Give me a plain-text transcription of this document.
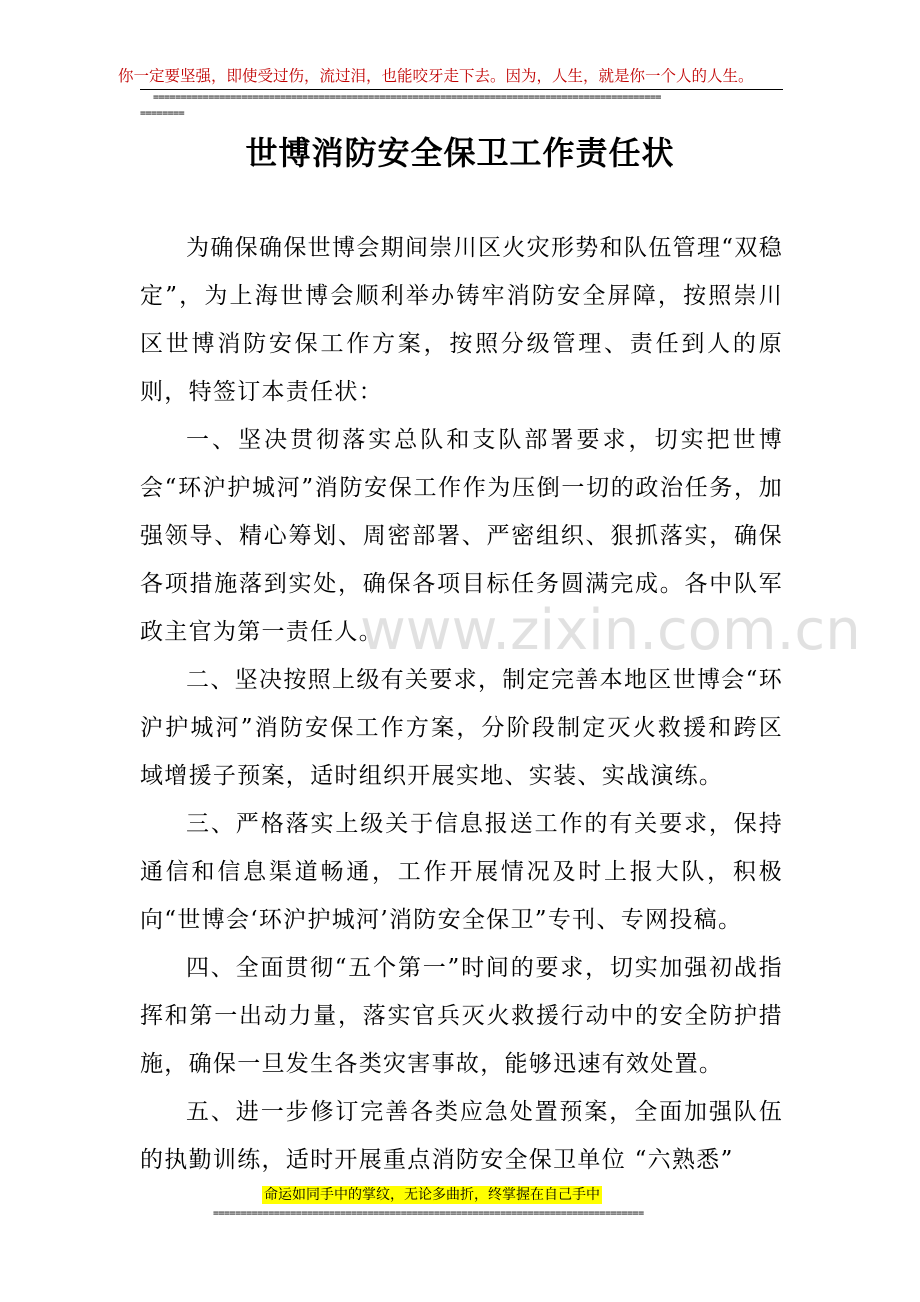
你一定要坚强，即使受过伤，流过泪，也能咬牙走下去。因为，人生，就是你一个人的人生。
============================================================================================
========
世博消防安全保卫工作责任状

为确保确保世博会期间崇川区火灾形势和队伍管理“双稳定”，为上海世博会顺利举办铸牢消防安全屏障，按照崇川区世博消防安保工作方案，按照分级管理、责任到人的原则，特签订本责任状：

一、坚决贯彻落实总队和支队部署要求，切实把世博会“环沪护城河”消防安保工作作为压倒一切的政治任务，加强领导、精心筹划、周密部署、严密组织、狠抓落实，确保各项措施落到实处，确保各项目标任务圆满完成。各中队军政主官为第一责任人。

二、坚决按照上级有关要求，制定完善本地区世博会“环沪护城河”消防安保工作方案，分阶段制定灭火救援和跨区域增援子预案，适时组织开展实地、实装、实战演练。

三、严格落实上级关于信息报送工作的有关要求，保持通信和信息渠道畅通，工作开展情况及时上报大队，积极向“世博会‘环沪护城河’消防安全保卫”专刊、专网投稿。

四、全面贯彻“五个第一”时间的要求，切实加强初战指挥和第一出动力量，落实官兵灭火救援行动中的安全防护措施，确保一旦发生各类灾害事故，能够迅速有效处置。

五、进一步修订完善各类应急处置预案，全面加强队伍的执勤训练，适时开展重点消防安全保卫单位 “六熟悉”

www.zixin.com.cn
命运如同手中的掌纹，无论多曲折，终掌握在自己手中
==============================================================================
